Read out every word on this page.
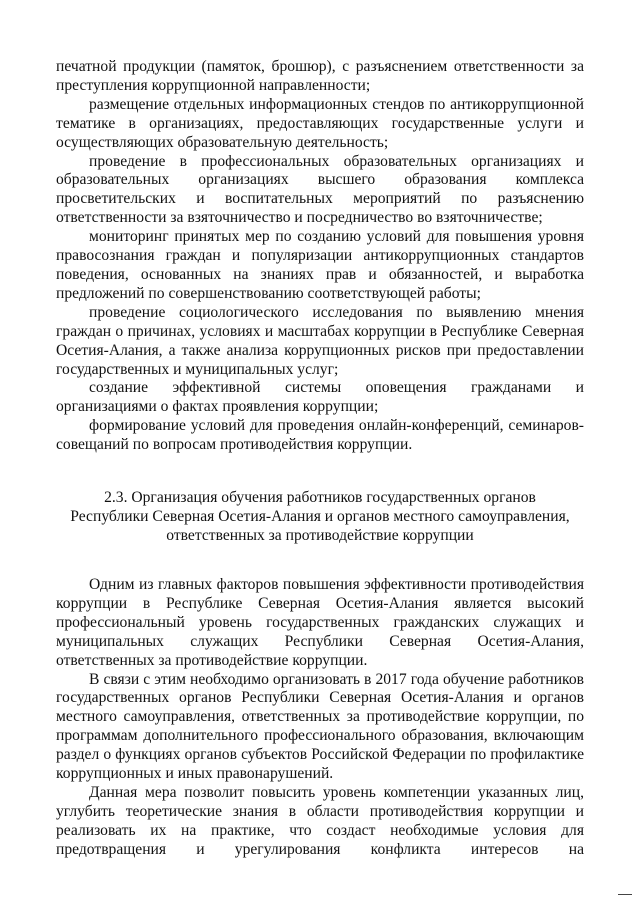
печатной продукции (памяток, брошюр), с разъяснением ответственности за преступления коррупционной направленности;

размещение отдельных информационных стендов по антикоррупционной тематике в организациях, предоставляющих государственные услуги и осуществляющих образовательную деятельность;

проведение в профессиональных образовательных организациях и образовательных организациях высшего образования комплекса просветительских и воспитательных мероприятий по разъяснению ответственности за взяточничество и посредничество во взяточничестве;

мониторинг принятых мер по созданию условий для повышения уровня правосознания граждан и популяризации антикоррупционных стандартов поведения, основанных на знаниях прав и обязанностей, и выработка предложений по совершенствованию соответствующей работы;

проведение социологического исследования по выявлению мнения граждан о причинах, условиях и масштабах коррупции в Республике Северная Осетия-Алания, а также анализа коррупционных рисков при предоставлении государственных и муниципальных услуг;

создание эффективной системы оповещения гражданами и организациями о фактах проявления коррупции;

формирование условий для проведения онлайн-конференций, семинаров-совещаний по вопросам противодействия коррупции.

2.3. Организация обучения работников государственных органов
Республики Северная Осетия-Алания и органов местного самоуправления,
ответственных за противодействие коррупции

Одним из главных факторов повышения эффективности противодействия коррупции в Республике Северная Осетия-Алания является высокий профессиональный уровень государственных гражданских служащих и муниципальных служащих Республики Северная Осетия-Алания, ответственных за противодействие коррупции.

В связи с этим необходимо организовать в 2017 года обучение работников государственных органов Республики Северная Осетия-Алания и органов местного самоуправления, ответственных за противодействие коррупции, по программам дополнительного профессионального образования, включающим раздел о функциях органов субъектов Российской Федерации по профилактике коррупционных и иных правонарушений.

Данная мера позволит повысить уровень компетенции указанных лиц, углубить теоретические знания в области противодействия коррупции и реализовать их на практике, что создаст необходимые условия для предотвращения и урегулирования конфликта интересов на
